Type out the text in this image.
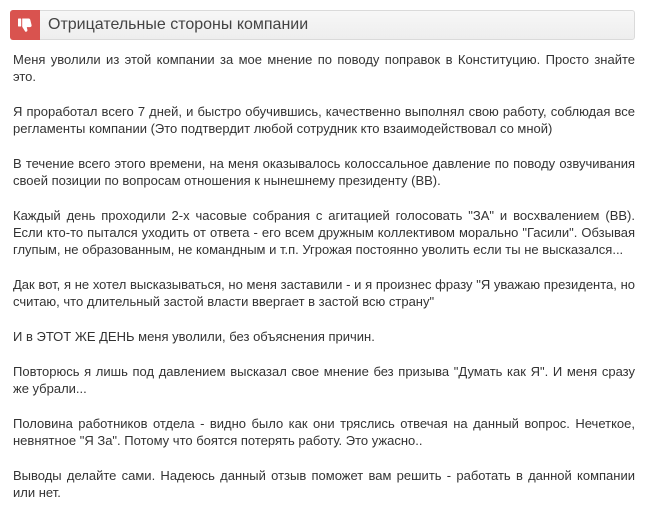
Отрицательные стороны компании

Меня уволили из этой компании за мое мнение по поводу поправок в Конституцию. Просто знайте это.

Я проработал всего 7 дней, и быстро обучившись, качественно выполнял свою работу, соблюдая все регламенты компании (Это подтвердит любой сотрудник кто взаимодействовал со мной)

В течение всего этого времени, на меня оказывалось колоссальное давление по поводу озвучивания своей позиции по вопросам отношения к нынешнему президенту (ВВ).

Каждый день проходили 2-х часовые собрания с агитацией голосовать "ЗА" и восхвалением (ВВ). Если кто-то пытался уходить от ответа - его всем дружным коллективом морально "Гасили". Обзывая глупым, не образованным, не командным и т.п. Угрожая постоянно уволить если ты не высказался...

Дак вот, я не хотел высказываться, но меня заставили - и я произнес фразу "Я уважаю президента, но считаю, что длительный застой власти ввергает в застой всю страну"

И в ЭТОТ ЖЕ ДЕНЬ меня уволили, без объяснения причин.

Повторюсь я лишь под давлением высказал свое мнение без призыва "Думать как Я". И меня сразу же убрали...

Половина работников отдела - видно было как они тряслись отвечая на данный вопрос. Нечеткое, невнятное "Я За". Потому что боятся потерять работу. Это ужасно..

Выводы делайте сами. Надеюсь данный отзыв поможет вам решить - работать в данной компании или нет.
